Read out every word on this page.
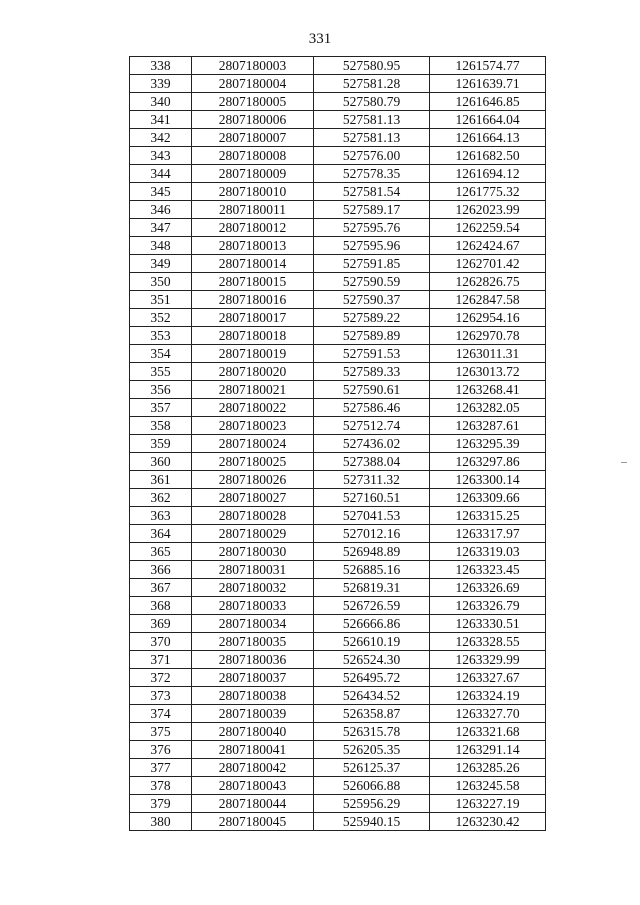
331
338	2807180003	527580.95	1261574.77
339	2807180004	527581.28	1261639.71
340	2807180005	527580.79	1261646.85
341	2807180006	527581.13	1261664.04
342	2807180007	527581.13	1261664.13
343	2807180008	527576.00	1261682.50
344	2807180009	527578.35	1261694.12
345	2807180010	527581.54	1261775.32
346	2807180011	527589.17	1262023.99
347	2807180012	527595.76	1262259.54
348	2807180013	527595.96	1262424.67
349	2807180014	527591.85	1262701.42
350	2807180015	527590.59	1262826.75
351	2807180016	527590.37	1262847.58
352	2807180017	527589.22	1262954.16
353	2807180018	527589.89	1262970.78
354	2807180019	527591.53	1263011.31
355	2807180020	527589.33	1263013.72
356	2807180021	527590.61	1263268.41
357	2807180022	527586.46	1263282.05
358	2807180023	527512.74	1263287.61
359	2807180024	527436.02	1263295.39
360	2807180025	527388.04	1263297.86
361	2807180026	527311.32	1263300.14
362	2807180027	527160.51	1263309.66
363	2807180028	527041.53	1263315.25
364	2807180029	527012.16	1263317.97
365	2807180030	526948.89	1263319.03
366	2807180031	526885.16	1263323.45
367	2807180032	526819.31	1263326.69
368	2807180033	526726.59	1263326.79
369	2807180034	526666.86	1263330.51
370	2807180035	526610.19	1263328.55
371	2807180036	526524.30	1263329.99
372	2807180037	526495.72	1263327.67
373	2807180038	526434.52	1263324.19
374	2807180039	526358.87	1263327.70
375	2807180040	526315.78	1263321.68
376	2807180041	526205.35	1263291.14
377	2807180042	526125.37	1263285.26
378	2807180043	526066.88	1263245.58
379	2807180044	525956.29	1263227.19
380	2807180045	525940.15	1263230.42
